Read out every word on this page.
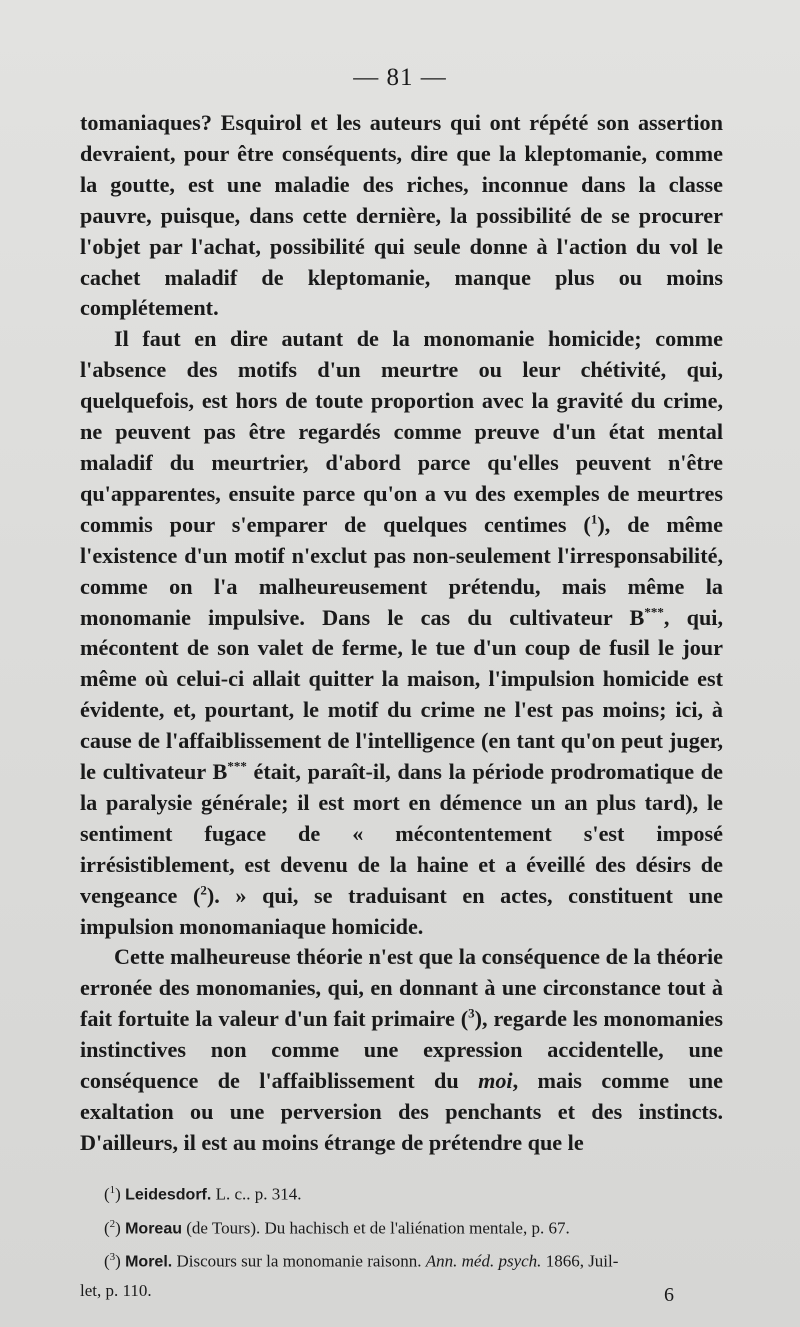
— 81 —

tomaniaques? Esquirol et les auteurs qui ont répété son assertion devraient, pour être conséquents, dire que la kleptomanie, comme la goutte, est une maladie des riches, inconnue dans la classe pauvre, puisque, dans cette dernière, la possibilité de se procurer l'objet par l'achat, possibilité qui seule donne à l'action du vol le cachet maladif de kleptomanie, manque plus ou moins complétement.

Il faut en dire autant de la monomanie homicide; comme l'absence des motifs d'un meurtre ou leur chétivité, qui, quelquefois, est hors de toute proportion avec la gravité du crime, ne peuvent pas être regardés comme preuve d'un état mental maladif du meurtrier, d'abord parce qu'elles peuvent n'être qu'apparentes, ensuite parce qu'on a vu des exemples de meurtres commis pour s'emparer de quelques centimes ($^1$), de même l'existence d'un motif n'exclut pas non-seulement l'irresponsabilité, comme on l'a malheureusement prétendu, mais même la monomanie impulsive. Dans le cas du cultivateur B***, qui, mécontent de son valet de ferme, le tue d'un coup de fusil le jour même où celui-ci allait quitter la maison, l'impulsion homicide est évidente, et, pourtant, le motif du crime ne l'est pas moins; ici, à cause de l'affaiblissement de l'intelligence (en tant qu'on peut juger, le cultivateur B*** était, paraît-il, dans la période prodromatique de la paralysie générale; il est mort en démence un an plus tard), le sentiment fugace de « mécontentement s'est imposé irrésistiblement, est devenu de la haine et a éveillé des désirs de vengeance ($^2$). » qui, se traduisant en actes, constituent une impulsion monomaniaque homicide.

Cette malheureuse théorie n'est que la conséquence de la théorie erronée des monomanies, qui, en donnant à une circonstance tout à fait fortuite la valeur d'un fait primaire ($^3$), regarde les monomanies instinctives non comme une expression accidentelle, une conséquence de l'affaiblissement du moi, mais comme une exaltation ou une perversion des penchants et des instincts. D'ailleurs, il est au moins étrange de prétendre que le

($^1$) Leidesdorf. L. c.. p. 314.

($^2$) Moreau (de Tours). Du hachisch et de l'aliénation mentale, p. 67.

($^3$) Morel. Discours sur la monomanie raisonn. Ann. méd. psych. 1866, Juil-

let, p. 110.	6
